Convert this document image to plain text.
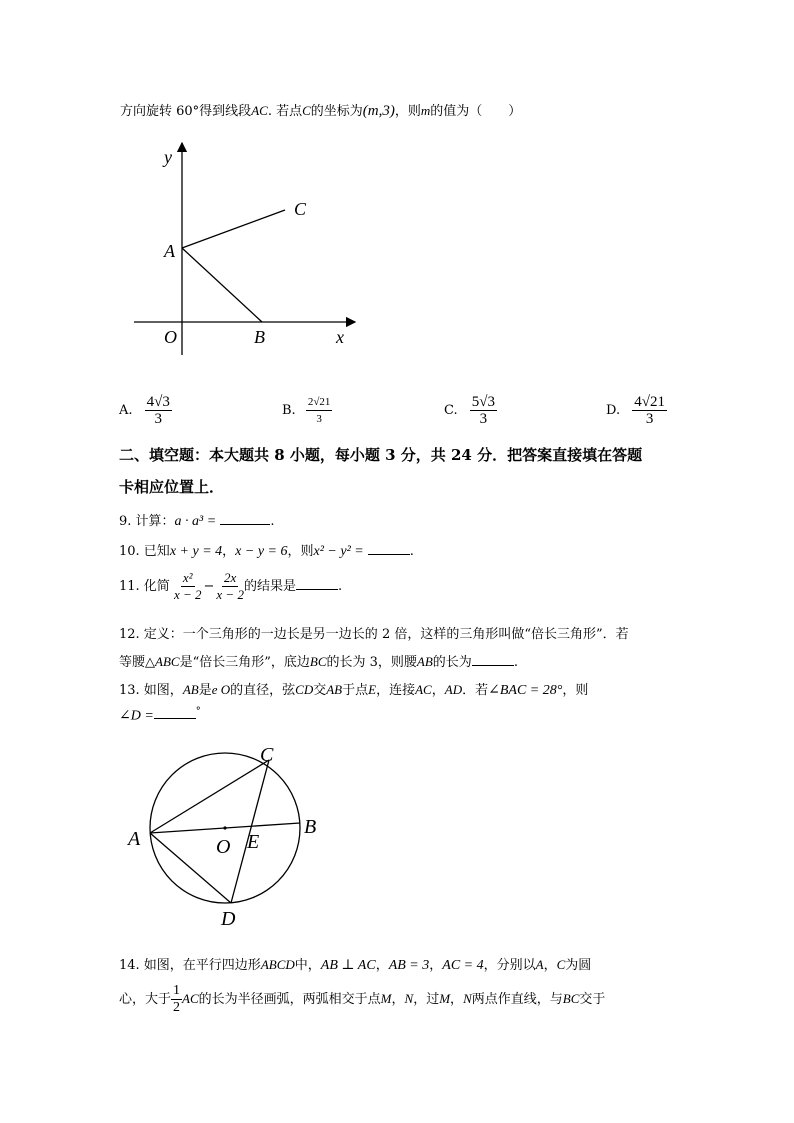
方向旋转 60°得到线段AC. 若点C的坐标为(m,3)，则m的值为（　　）
y
x
O
A
B
C
A. $\frac{4√3}{3}$	B. $\frac{2√21}{3}$	C. $\frac{5√3}{3}$	D. $\frac{4√21}{3}$
二、填空题：本大题共 8 小题，每小题 3 分，共 24 分．把答案直接填在答题
卡相应位置上．
9. 计算：a · a³ =	.
10. 已知x + y = 4，x − y = 6，则x² − y² =	.
11. 化简 $\frac{\text{x²}}{x - 2} - \frac{2x}{x - 2}$ 的结果是	.
12. 定义：一个三角形的一边长是另一边长的 2 倍，这样的三角形叫做“倍长三角形”．若
等腰△ABC是“倍长三角形”，底边BC的长为 3，则腰AB的长为	.
13. 如图，AB是e O的直径，弦CD交AB于点E，连接AC，AD．若∠BAC = 28°，则
∠D =	°
A
B
C
D
O E
14. 如图，在平行四边形ABCD中，AB ⊥ AC，AB = 3，AC = 4，分别以A，C为圆
心，大于 $\frac{1}{2}$ AC的长为半径画弧，两弧相交于点M，N，过M，N两点作直线，与BC交于
